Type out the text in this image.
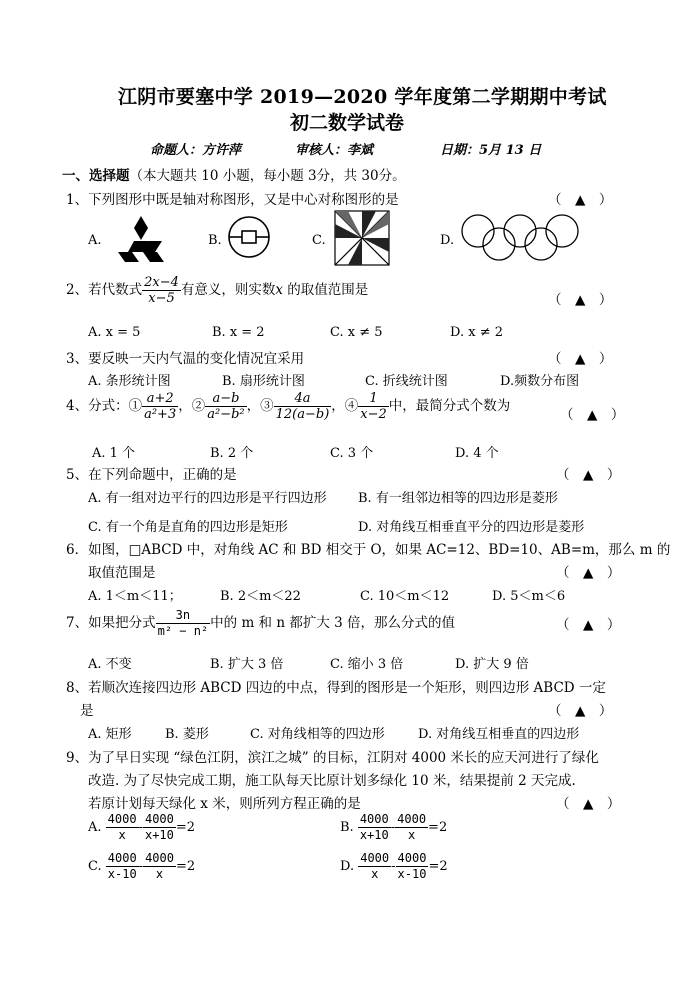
江阴市要塞中学 2019—2020 学年度第二学期期中考试
初二数学试卷
命题人：方许萍	审核人：李斌	日期：5月 13 日
一、选择题（本大题共 10 小题，每小题 3分，共 30分。
1、下列图形中既是轴对称图形，又是中心对称图形的是	（　▲　）
A.	B.	C.	D.
2、若代数式 $\frac{2x-4}{x-5}$ 有意义，则实数x 的取值范围是
（　▲　）
A. x = 5	B. x = 2	C. x ≠ 5	D. x ≠ 2
3、要反映一天内气温的变化情况宜采用	（　▲　）
A. 条形统计图	B. 扇形统计图	C. 折线统计图	D.频数分布图
4、分式：① $\frac{a+2}{\text{a²+3}}$ ，② $\frac{a-b}{\text{a²−b²}}$ ，③ $\frac{4a}{12(a-b)}$ ，④ $\frac{1}{x-2}$ 中，最简分式个数为
（　▲　）
A. 1 个	B. 2 个	C. 3 个	D. 4 个
5、在下列命题中，正确的是	（　▲　）
A. 有一组对边平行的四边形是平行四边形 B. 有一组邻边相等的四边形是菱形
C. 有一个角是直角的四边形是矩形	D. 对角线互相垂直平分的四边形是菱形
6．如图，□ABCD 中，对角线 AC 和 BD 相交于 O，如果 AC=12、BD=10、AB=m，那么 m 的
取值范围是	（　▲　）
A. 1＜m＜11；	B. 2＜m＜22	C. 10＜m＜12	D. 5＜m＜6
7、如果把分式 $\frac{3n}{\text{m² − n²}}$ 中的 m 和 n 都扩大 3 倍，那么分式的值	（　▲　）
A. 不变	B. 扩大 3 倍	C. 缩小 3 倍	D. 扩大 9 倍
8、若顺次连接四边形 ABCD 四边的中点，得到的图形是一个矩形，则四边形 ABCD 一定
是	（　▲　）
A. 矩形	B. 菱形	C. 对角线相等的四边形	D. 对角线互相垂直的四边形
9、为了早日实现 “绿色江阴，滨江之城” 的目标，江阴对 4000 米长的应天河进行了绿化
改造. 为了尽快完成工期，施工队每天比原计划多绿化 10 米，结果提前 2 天完成.
若原计划每天绿化 x 米，则所列方程正确的是	（　▲　）
A. $\frac{4000}{x} - \frac{4000}{x+10} =2$	B. $\frac{4000}{x+10} - \frac{4000}{x} =2$
C. $\frac{4000}{x-10} - \frac{4000}{x} =2$	D. $\frac{4000}{x} - \frac{4000}{x-10} =2$
